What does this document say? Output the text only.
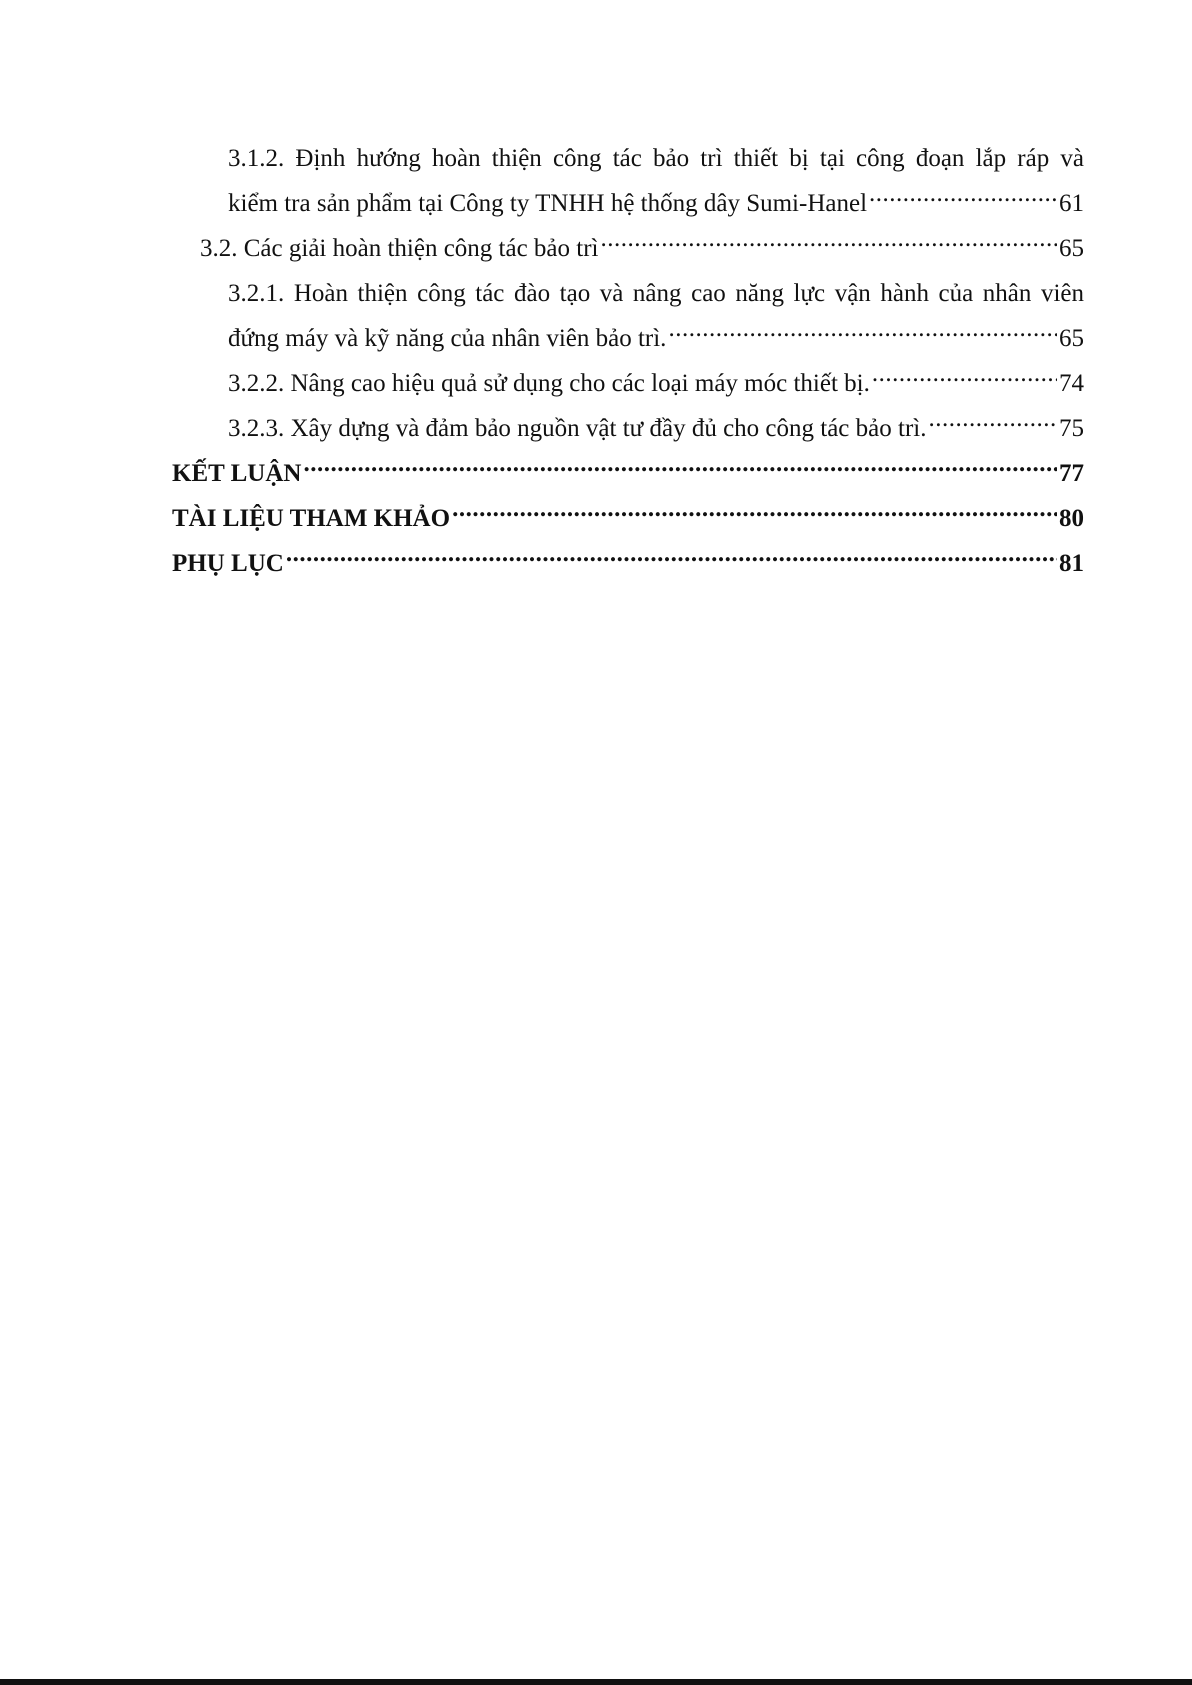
3.1.2. Định hướng hoàn thiện công tác bảo trì thiết bị tại công đoạn lắp ráp và
kiểm tra sản phẩm tại Công ty TNHH hệ thống dây Sumi-Hanel .....	61
3.2. Các giải hoàn thiện công tác bảo trì .....	65
3.2.1. Hoàn thiện công tác đào tạo và nâng cao năng lực vận hành của nhân viên
đứng máy và kỹ năng của nhân viên bảo trì. .....	65
3.2.2. Nâng cao hiệu quả sử dụng cho các loại máy móc thiết bị. .....	74
3.2.3. Xây dựng và đảm bảo nguồn vật tư đầy đủ cho công tác bảo trì. .....	75
KẾT LUẬN .....	77
TÀI LIỆU THAM KHẢO .....	80
PHỤ LỤC .....	81
